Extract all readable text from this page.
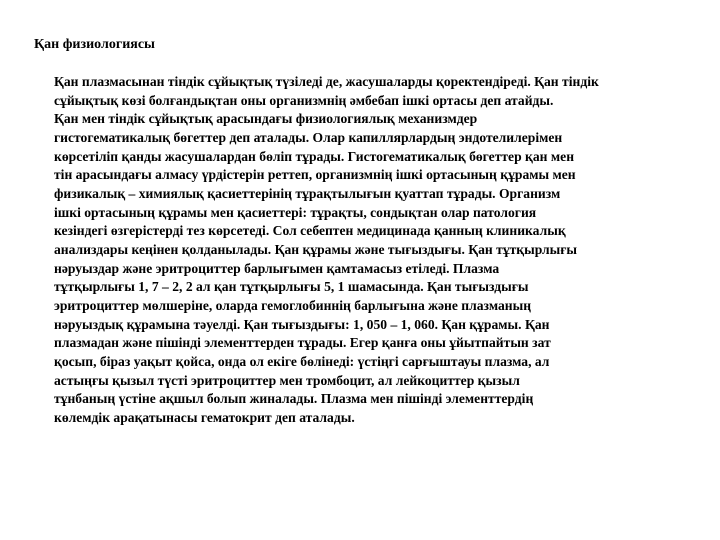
Қан физиологиясы

Қан плазмасынан тіндік сұйықтық түзіледі де, жасушаларды қоректендіреді. Қан тіндік
сұйықтық көзі болғандықтан оны организмнің әмбебап ішкі ортасы деп атайды.
Қан мен тіндік сұйықтық арасындағы физиологиялық механизмдер
гистогематикалық бөгеттер деп аталады. Олар капиллярлардың эндотелилерімен
көрсетіліп қанды жасушалардан бөліп тұрады. Гистогематикалық бөгеттер қан мен
тін арасындағы алмасу үрдістерін реттеп, организмнің ішкі ортасының құрамы мен
физикалық – химиялық қасиеттерінің тұрақтылығын қуаттап тұрады. Организм
ішкі ортасының құрамы мен қасиеттері: тұрақты, сондықтан олар патология
кезіндегі өзгерістерді тез көрсетеді. Сол себептен медицинада қанның клиникалық
анализдары кеңінен қолданылады. Қан құрамы және тығыздығы. Қан тұтқырлығы
нәруыздар және эритроциттер барлығымен қамтамасыз етіледі. Плазма
тұтқырлығы 1, 7 – 2, 2 ал қан тұтқырлығы 5, 1 шамасында. Қан тығыздығы
эритроциттер мөлшеріне, оларда гемоглобиннің барлығына және плазманың
нәруыздық құрамына тәуелді. Қан тығыздығы: 1, 050 – 1, 060. Қан құрамы. Қан
плазмадан және пішінді элементтерден тұрады. Егер қанға оны ұйытпайтын зат
қосып, біраз уақыт қойса, онда ол екіге бөлінеді: үстіңгі сарғыштауы плазма, ал
астыңғы қызыл түсті эритроциттер мен тромбоцит, ал лейкоциттер қызыл
тұнбаның үстіне ақшыл болып жиналады. Плазма мен пішінді элементтердің
көлемдік арақатынасы гематокрит деп аталады.
